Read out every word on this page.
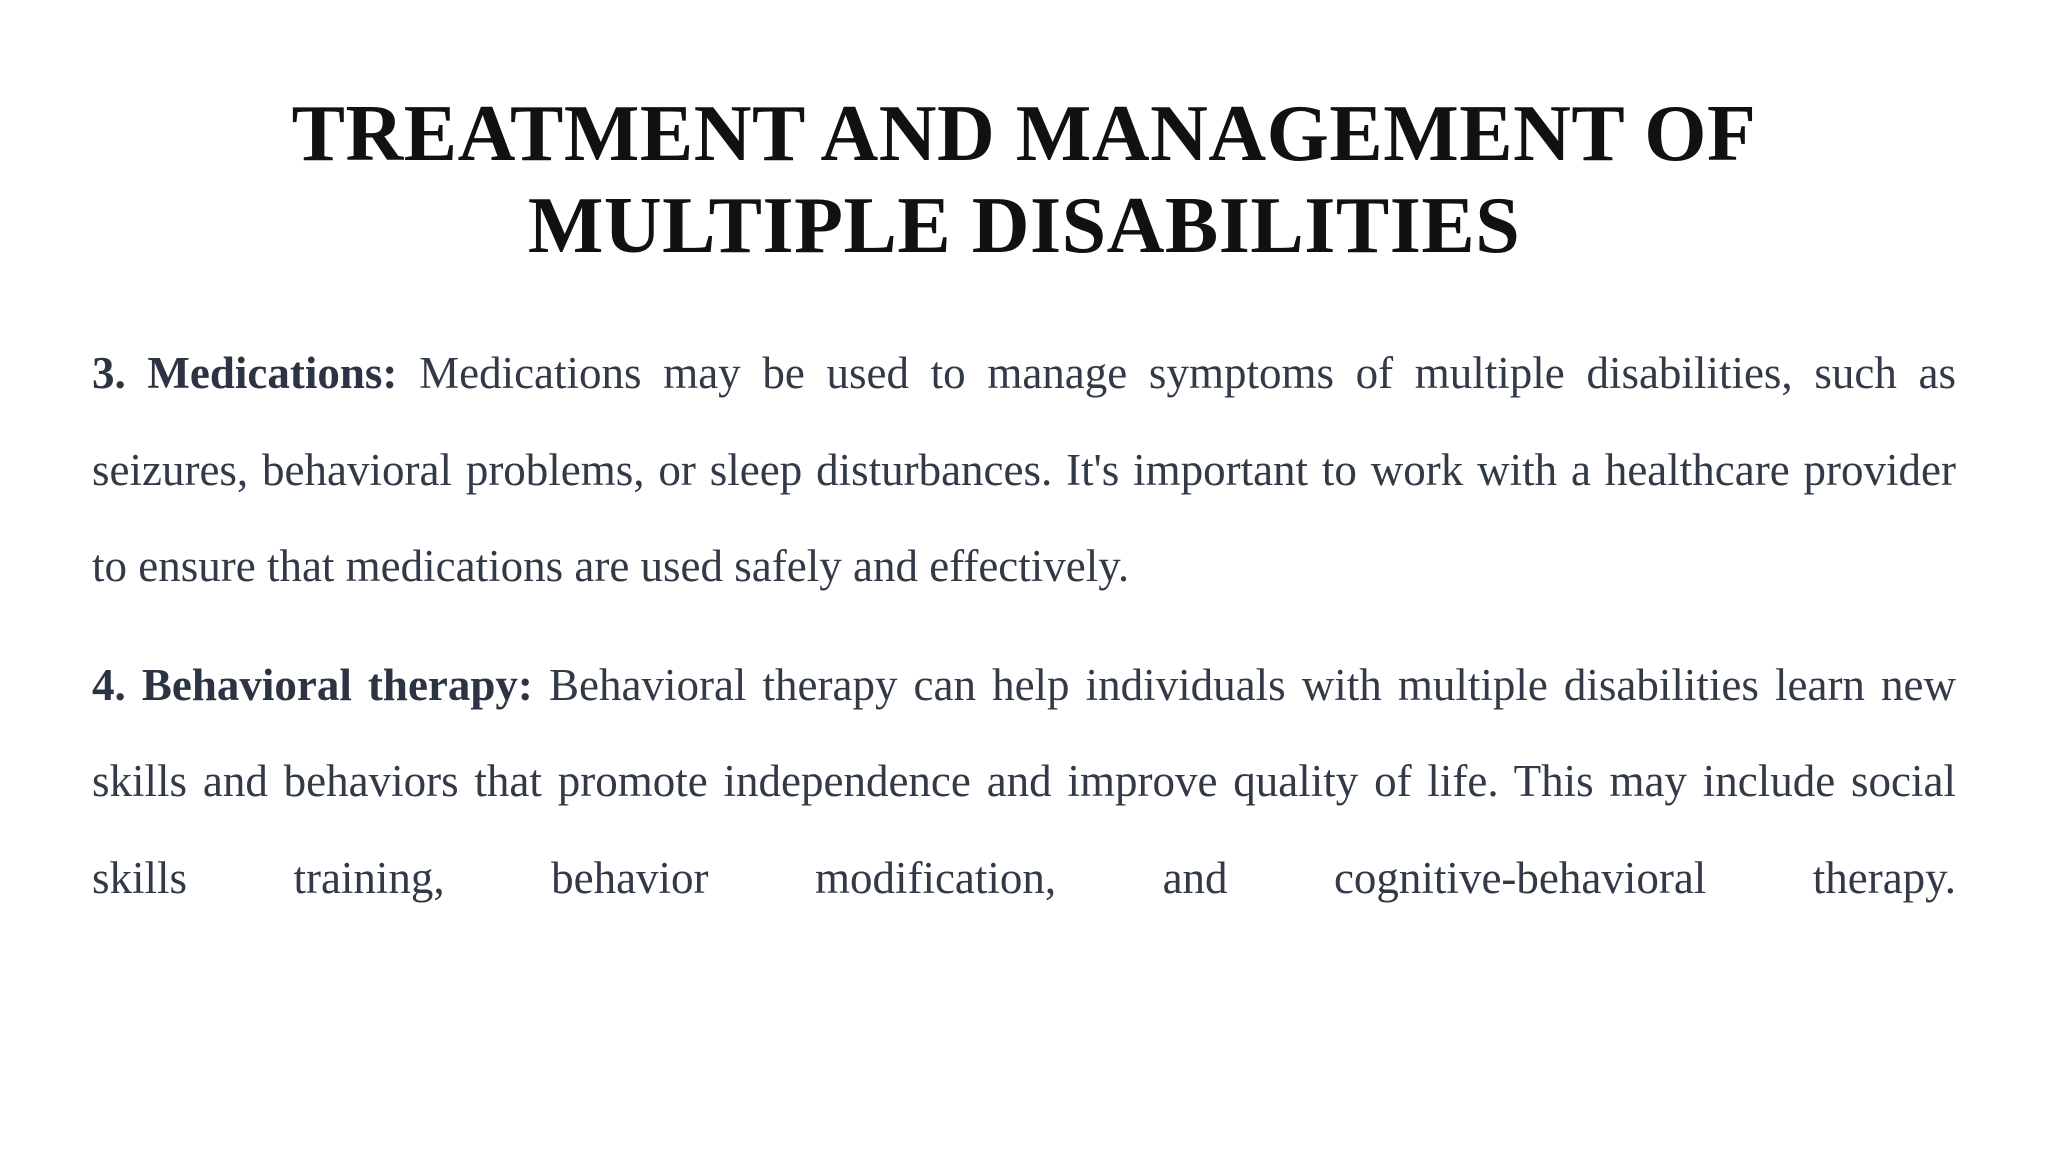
TREATMENT AND MANAGEMENT OF
MULTIPLE DISABILITIES

3. Medications: Medications may be used to manage symptoms of multiple disabilities, such as seizures, behavioral problems, or sleep disturbances. It's important to work with a healthcare provider to ensure that medications are used safely and effectively.

4. Behavioral therapy: Behavioral therapy can help individuals with multiple disabilities learn new skills and behaviors that promote independence and improve quality of life. This may include social skills training, behavior modification, and cognitive-behavioral therapy.
